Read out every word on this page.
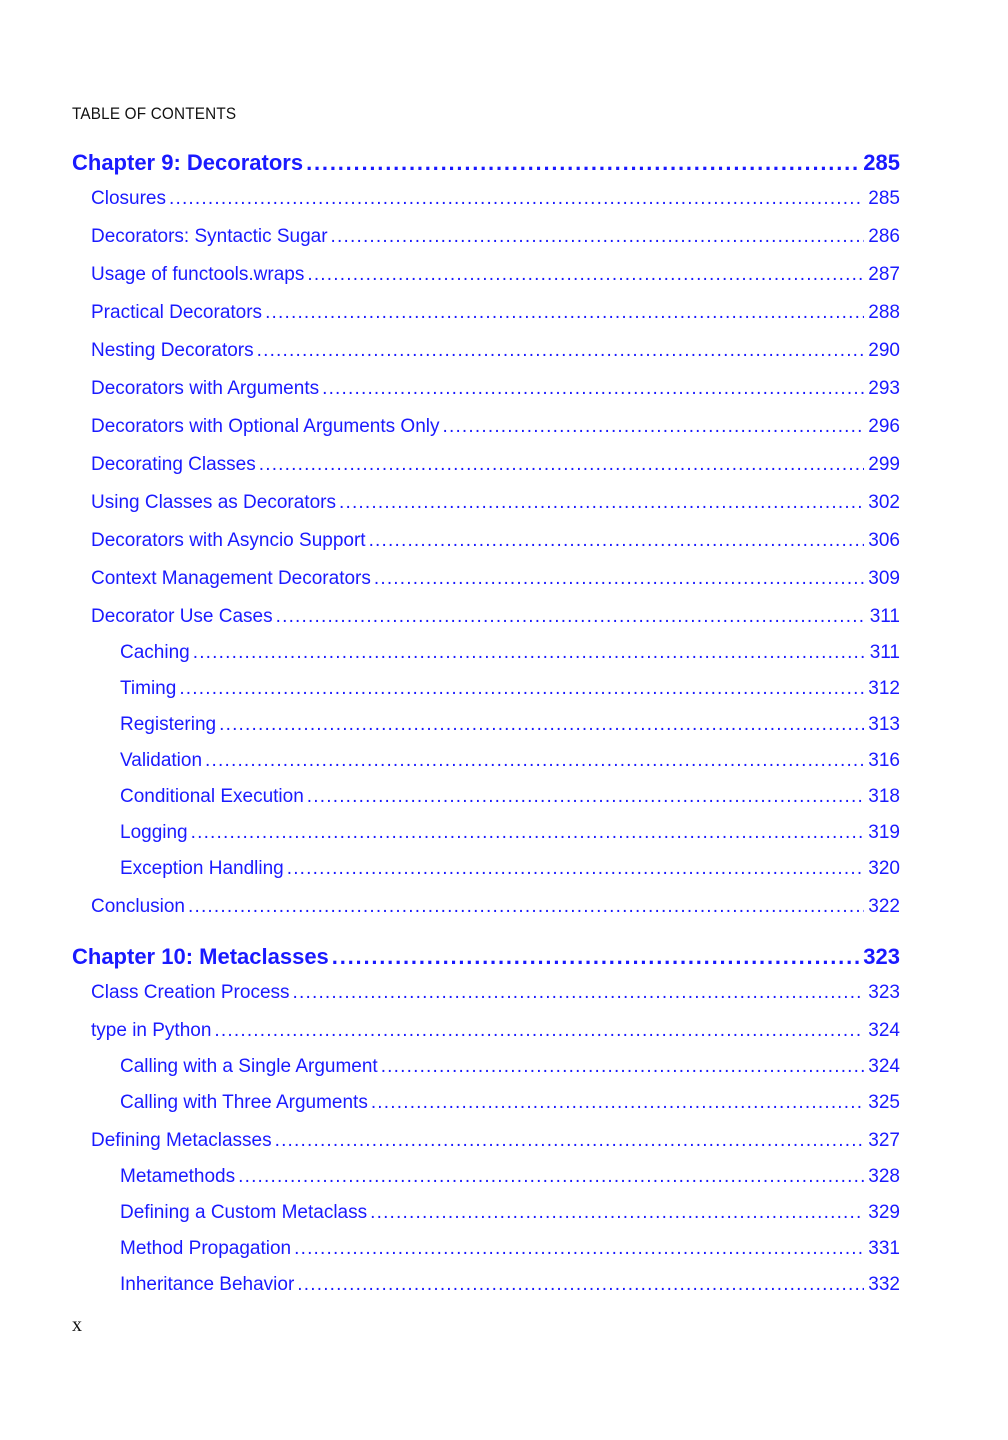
TABLE OF CONTENTS
Chapter 9: Decorators .....	285
Closures .....	285
Decorators: Syntactic Sugar .....	286
Usage of functools.wraps .....	287
Practical Decorators .....	288
Nesting Decorators .....	290
Decorators with Arguments .....	293
Decorators with Optional Arguments Only .....	296
Decorating Classes .....	299
Using Classes as Decorators .....	302
Decorators with Asyncio Support .....	306
Context Management Decorators .....	309
Decorator Use Cases .....	311
Caching .....	311
Timing .....	312
Registering .....	313
Validation .....	316
Conditional Execution .....	318
Logging .....	319
Exception Handling .....	320
Conclusion .....	322
Chapter 10: Metaclasses .....	323
Class Creation Process .....	323
type in Python .....	324
Calling with a Single Argument .....	324
Calling with Three Arguments .....	325
Defining Metaclasses .....	327
Metamethods .....	328
Defining a Custom Metaclass .....	329
Method Propagation .....	331
Inheritance Behavior .....	332
x
